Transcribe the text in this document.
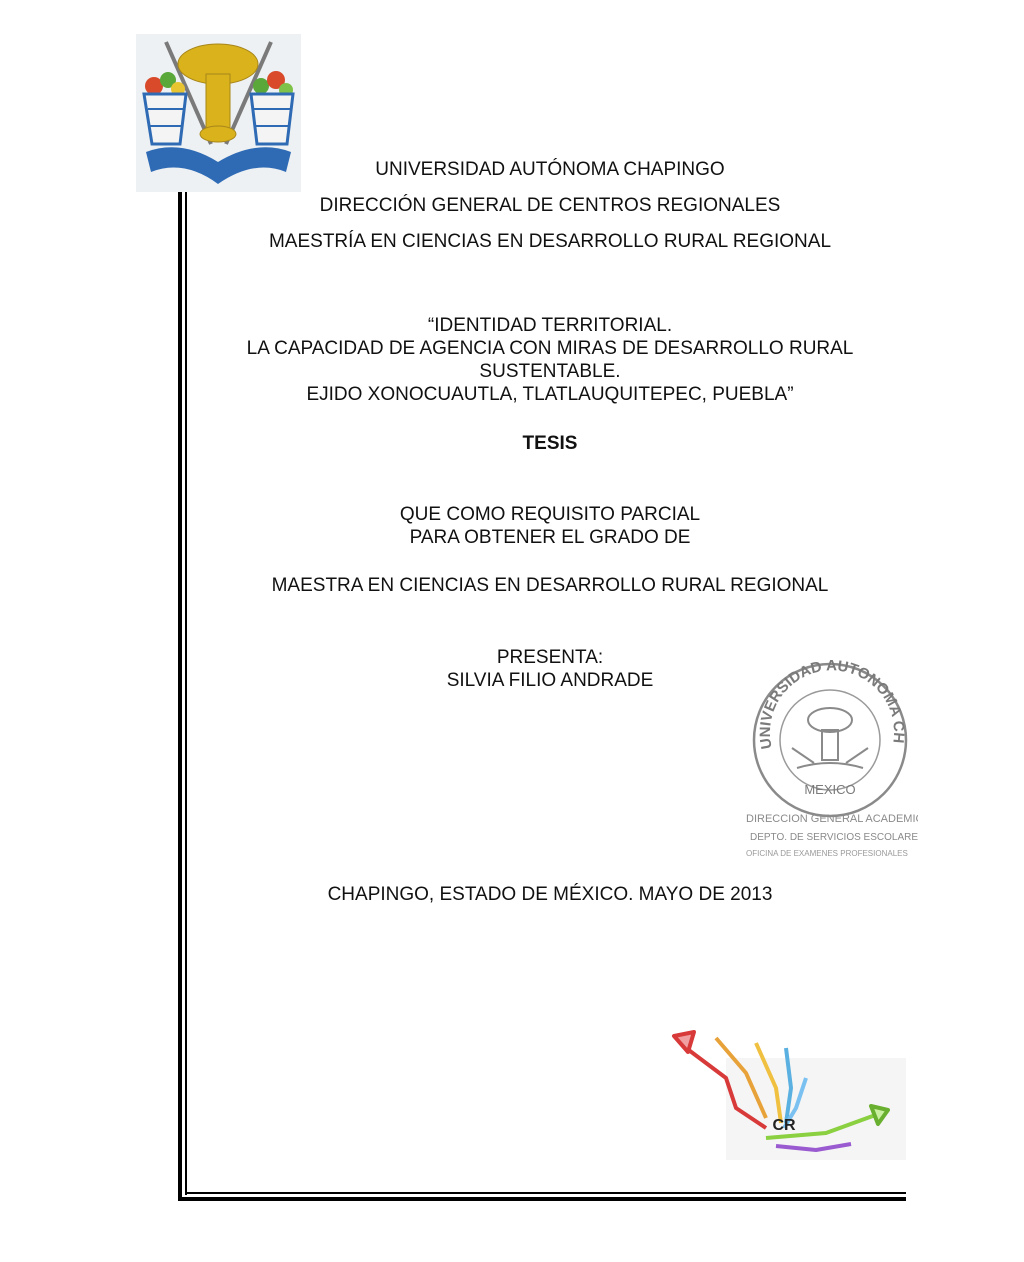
UNIVERSIDAD AUTÓNOMA CHAPINGO
DIRECCIÓN GENERAL DE CENTROS REGIONALES
MAESTRÍA EN CIENCIAS EN DESARROLLO RURAL REGIONAL
“IDENTIDAD TERRITORIAL.
LA CAPACIDAD DE AGENCIA CON MIRAS DE DESARROLLO RURAL
SUSTENTABLE.
EJIDO XONOCUAUTLA, TLATLAUQUITEPEC, PUEBLA”
TESIS
QUE COMO REQUISITO PARCIAL
PARA OBTENER EL GRADO DE
MAESTRA EN CIENCIAS EN DESARROLLO RURAL REGIONAL
PRESENTA:
SILVIA FILIO ANDRADE
UNIVERSIDAD AUTONOMA CH
MEXICO
DIRECCION GENERAL ACADEMICA
DEPTO. DE SERVICIOS ESCOLARES
OFICINA DE EXAMENES PROFESIONALES
CHAPINGO, ESTADO DE MÉXICO. MAYO DE 2013
CR
